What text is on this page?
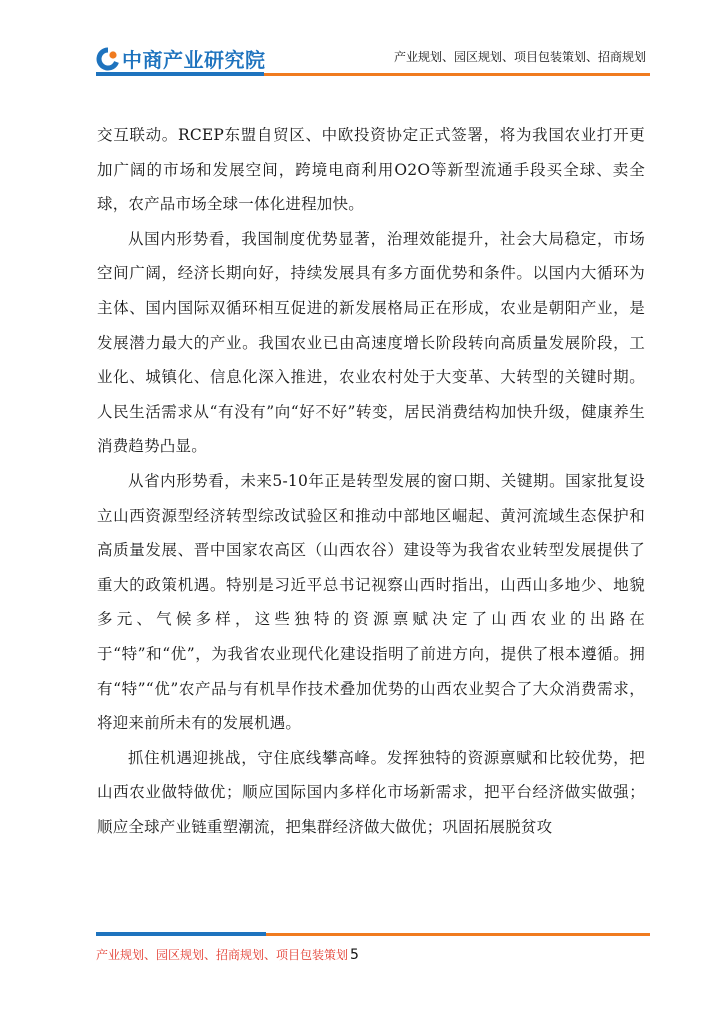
中商产业研究院	产业规划、园区规划、项目包装策划、招商规划

交互联动。RCEP东盟自贸区、中欧投资协定正式签署，将为我国农业打开更加广阔的市场和发展空间，跨境电商利用O2O等新型流通手段买全球、卖全球，农产品市场全球一体化进程加快。

从国内形势看，我国制度优势显著，治理效能提升，社会大局稳定，市场空间广阔，经济长期向好，持续发展具有多方面优势和条件。以国内大循环为主体、国内国际双循环相互促进的新发展格局正在形成，农业是朝阳产业，是发展潜力最大的产业。我国农业已由高速度增长阶段转向高质量发展阶段，工业化、城镇化、信息化深入推进，农业农村处于大变革、大转型的关键时期。人民生活需求从“有没有”向“好不好”转变，居民消费结构加快升级，健康养生消费趋势凸显。

从省内形势看，未来5-10年正是转型发展的窗口期、关键期。国家批复设立山西资源型经济转型综改试验区和推动中部地区崛起、黄河流域生态保护和高质量发展、晋中国家农高区（山西农谷）建设等为我省农业转型发展提供了重大的政策机遇。特别是习近平总书记视察山西时指出，山西山多地少、地貌多元、气候多样，这些独特的资源禀赋决定了山西农业的出路在于“特”和“优”，为我省农业现代化建设指明了前进方向，提供了根本遵循。拥有“特”“优”农产品与有机旱作技术叠加优势的山西农业契合了大众消费需求，将迎来前所未有的发展机遇。

抓住机遇迎挑战，守住底线攀高峰。发挥独特的资源禀赋和比较优势，把山西农业做特做优；顺应国际国内多样化市场新需求，把平台经济做实做强；顺应全球产业链重塑潮流，把集群经济做大做优；巩固拓展脱贫攻

产业规划、园区规划、招商规划、项目包装策划 5
